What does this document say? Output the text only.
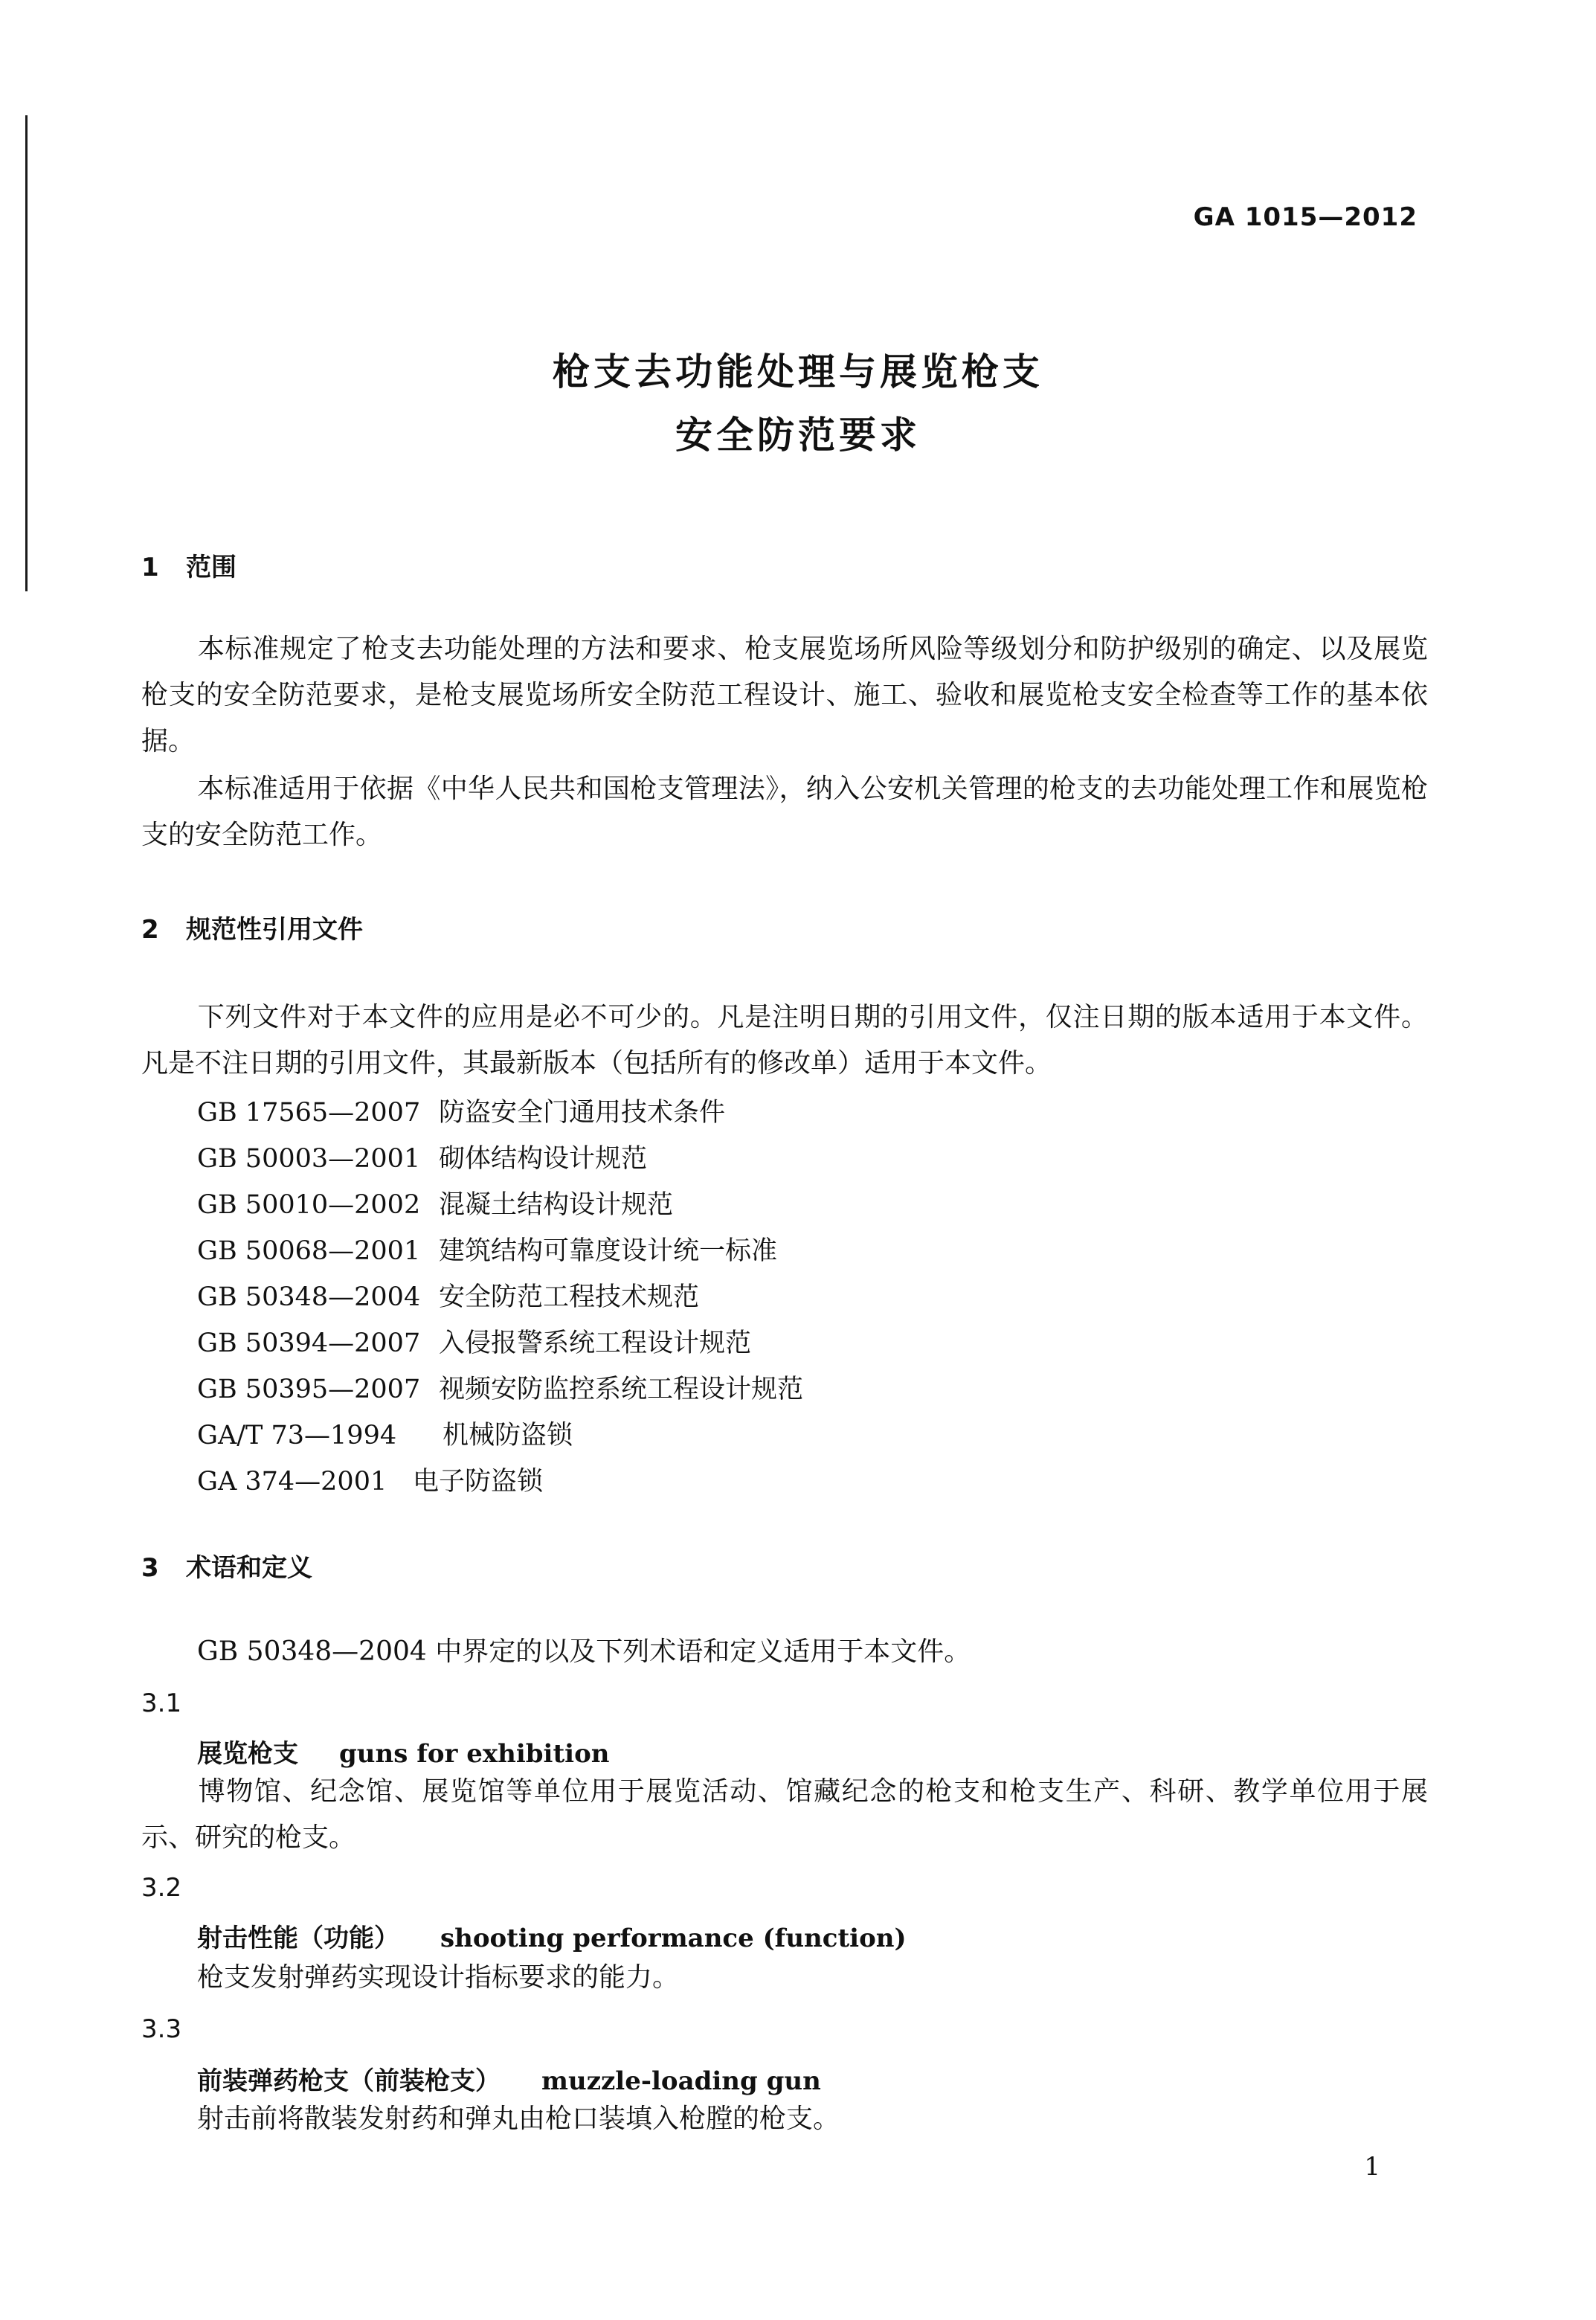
GA 1015—2012
枪支去功能处理与展览枪支
安全防范要求
1 范围
本标准规定了枪支去功能处理的方法和要求、枪支展览场所风险等级划分和防护级别的确定、以及展览枪支的安全防范要求，是枪支展览场所安全防范工程设计、施工、验收和展览枪支安全检查等工作的基本依据。
本标准适用于依据《中华人民共和国枪支管理法》，纳入公安机关管理的枪支的去功能处理工作和展览枪支的安全防范工作。
2 规范性引用文件
下列文件对于本文件的应用是必不可少的。凡是注明日期的引用文件，仅注日期的版本适用于本文件。凡是不注日期的引用文件，其最新版本（包括所有的修改单）适用于本文件。
GB 17565—2007 防盗安全门通用技术条件
GB 50003—2001 砌体结构设计规范
GB 50010—2002 混凝土结构设计规范
GB 50068—2001 建筑结构可靠度设计统一标准
GB 50348—2004 安全防范工程技术规范
GB 50394—2007 入侵报警系统工程设计规范
GB 50395—2007 视频安防监控系统工程设计规范
GA/T 73—1994 机械防盗锁
GA 374—2001 电子防盗锁
3 术语和定义
GB 50348—2004 中界定的以及下列术语和定义适用于本文件。
3.1
展览枪支 guns for exhibition
博物馆、纪念馆、展览馆等单位用于展览活动、馆藏纪念的枪支和枪支生产、科研、教学单位用于展示、研究的枪支。
3.2
射击性能（功能） shooting performance (function)
枪支发射弹药实现设计指标要求的能力。
3.3
前装弹药枪支（前装枪支） muzzle-loading gun
射击前将散装发射药和弹丸由枪口装填入枪膛的枪支。
1
